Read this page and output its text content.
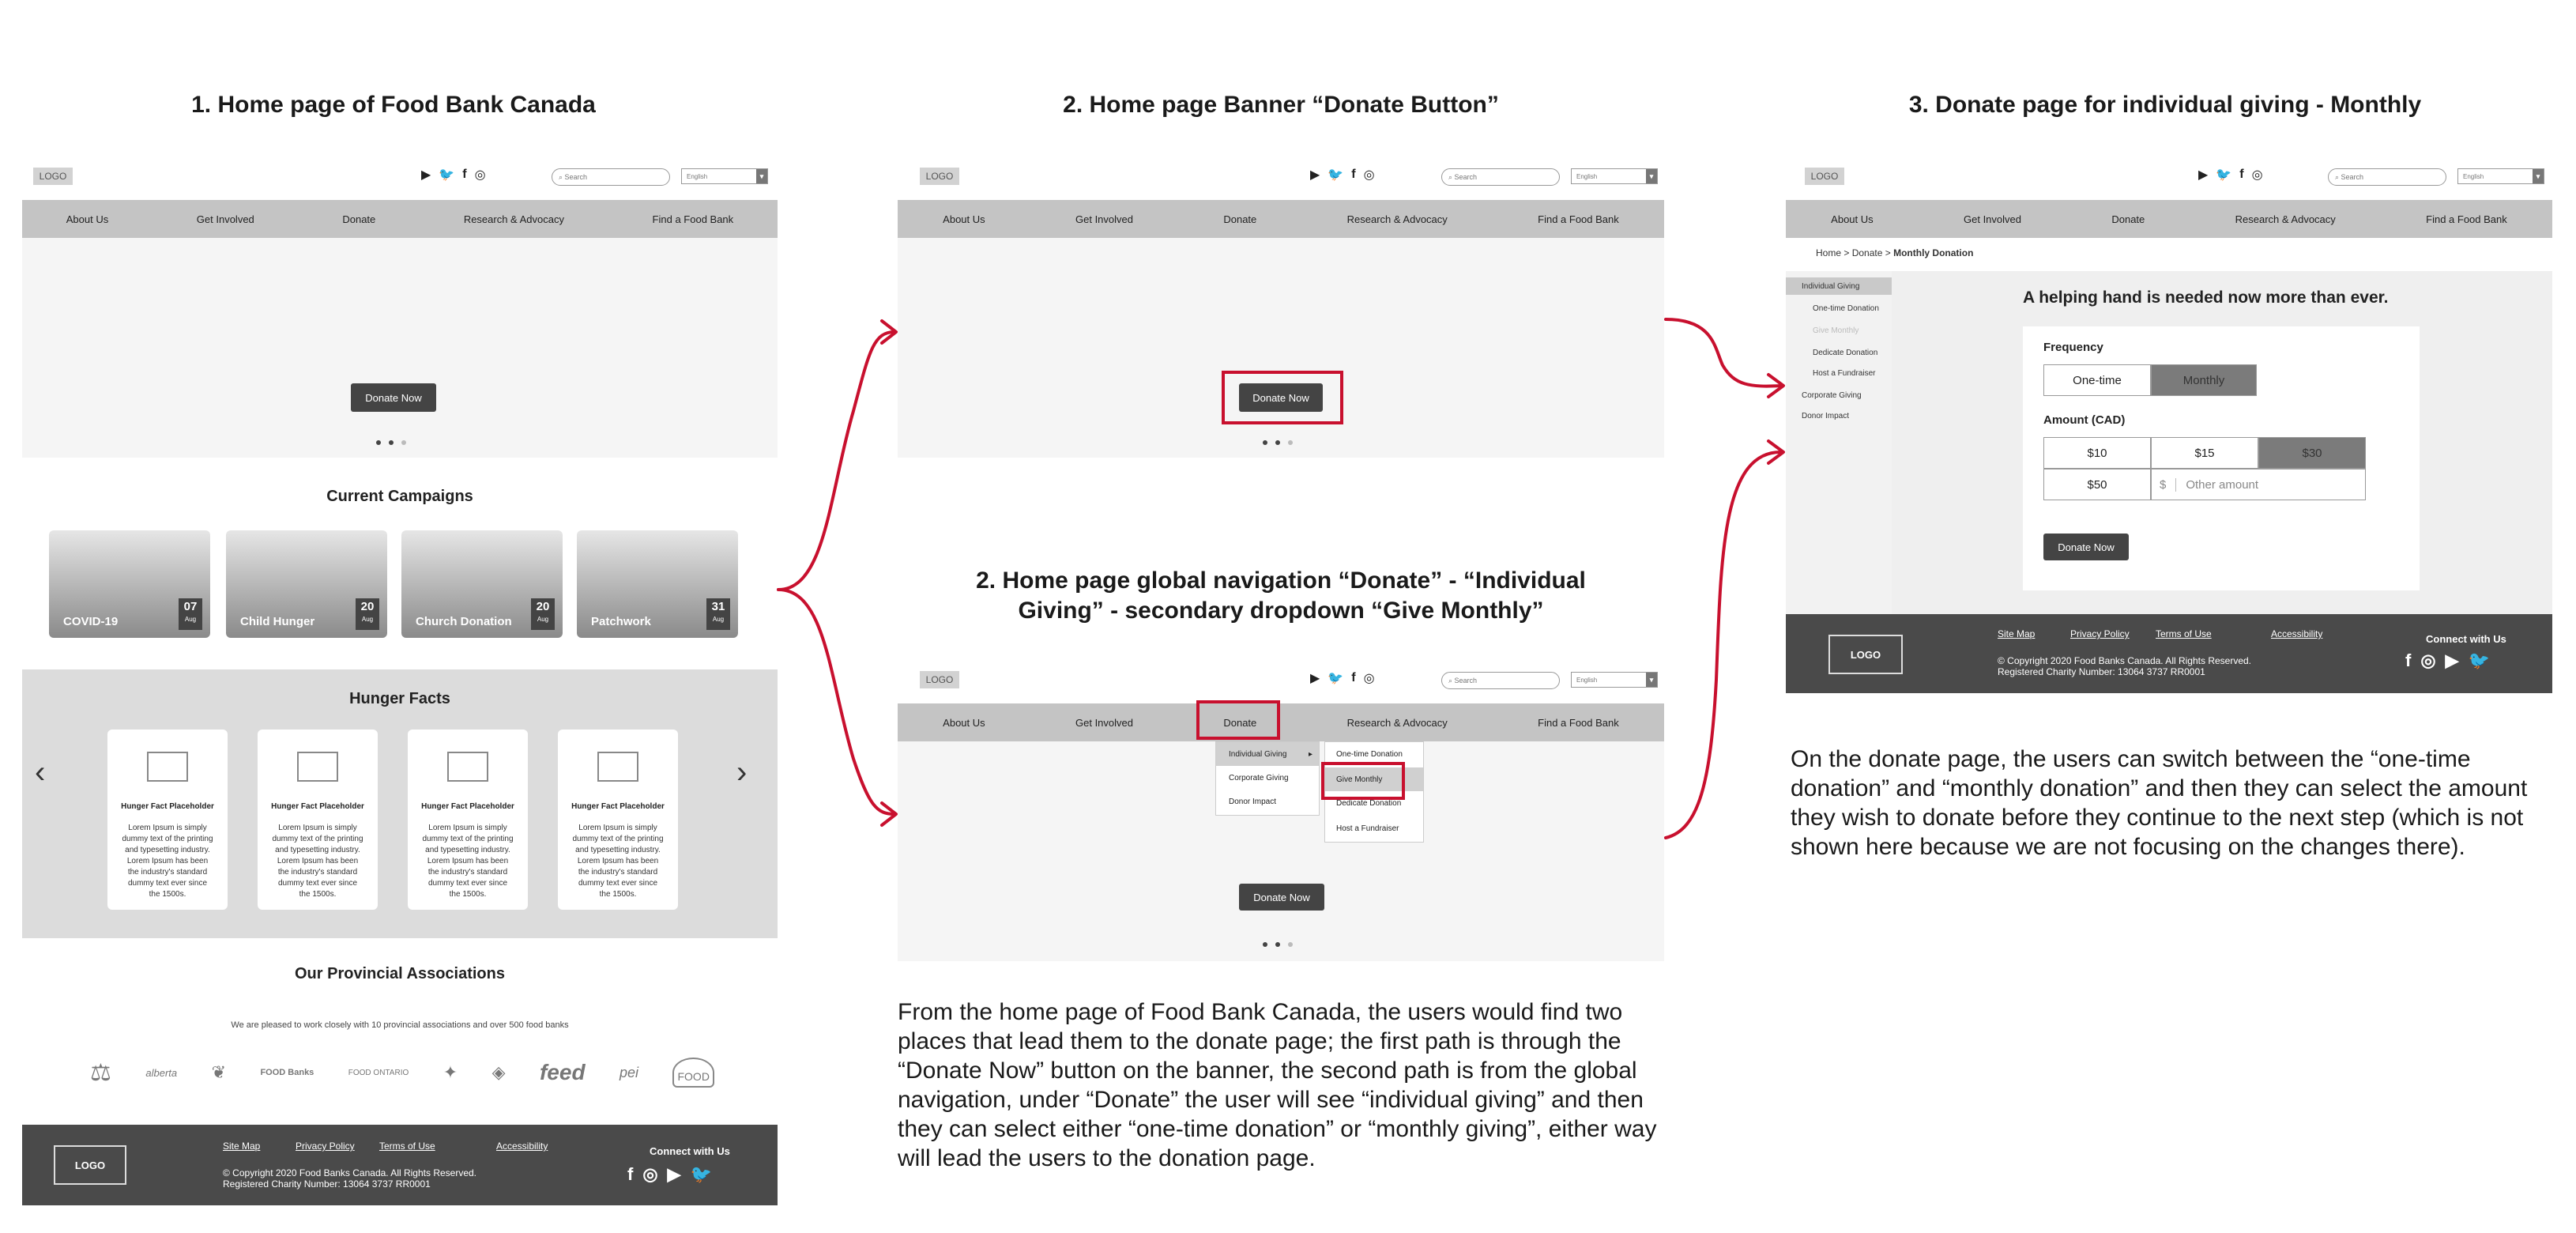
1. Home page of Food Bank Canada	2. Home page Banner “Donate Button”	3. Donate page for individual giving - Monthly
2. Home page global navigation “Donate” - “Individual
Giving” - secondary dropdown “Give Monthly”
LOGO	▶ 🐦 f ◎	⌕ Search	English	▾
About Us	Get Involved	Donate	Research & Advocacy	Find a Food Bank
Donate Now
Current Campaigns
COVID-19
07
Aug	Child Hunger
20
Aug	Church Donation
20
Aug	Patchwork
31
Aug
Hunger Facts
‹	›
Hunger Fact Placeholder
Lorem Ipsum is simply dummy text of the printing and typesetting industry. Lorem Ipsum has been the industry's standard dummy text ever since the 1500s.
Hunger Fact Placeholder
Lorem Ipsum is simply dummy text of the printing and typesetting industry. Lorem Ipsum has been the industry's standard dummy text ever since the 1500s.
Hunger Fact Placeholder
Lorem Ipsum is simply dummy text of the printing and typesetting industry. Lorem Ipsum has been the industry's standard dummy text ever since the 1500s.
Hunger Fact Placeholder
Lorem Ipsum is simply dummy text of the printing and typesetting industry. Lorem Ipsum has been the industry's standard dummy text ever since the 1500s.
Our Provincial Associations
We are pleased to work closely with 10 provincial associations and over 500 food banks
⚖	alberta ❦	FOOD Banks	FOOD ONTARIO ✦ ◈ feed pei	FOOD
LOGO
Site Map	Privacy Policy	Terms of Use	Accessibility
© Copyright 2020 Food Banks Canada. All Rights Reserved.
Registered Charity Number: 13064 3737 RR0001
Connect with Us
f ◎ ▶ 🐦
LOGO	▶ 🐦 f ◎	⌕ Search	English	▾
About Us	Get Involved	Donate	Research & Advocacy	Find a Food Bank
Donate Now
LOGO	▶ 🐦 f ◎	⌕ Search	English	▾
About Us	Get Involved	Donate	Research & Advocacy	Find a Food Bank
Individual Giving	▸
Corporate Giving
Donor Impact
One-time Donation
Give Monthly
Dedicate Donation
Host a Fundraiser
Donate Now
LOGO	▶ 🐦 f ◎	⌕ Search	English	▾
About Us	Get Involved	Donate	Research & Advocacy	Find a Food Bank
Home > Donate > Monthly Donation
Individual Giving
One-time Donation
Give Monthly
Dedicate Donation
Host a Fundraiser
Corporate Giving
Donor Impact
A helping hand is needed now more than ever.
Frequency
One-time	Monthly
Amount (CAD)
$10	$15	$30
$50	$	Other amount
Donate Now
LOGO
Site Map	Privacy Policy	Terms of Use	Accessibility
© Copyright 2020 Food Banks Canada. All Rights Reserved.
Registered Charity Number: 13064 3737 RR0001
Connect with Us
f ◎ ▶ 🐦
From the home page of Food Bank Canada, the users would find two places that lead them to the donate page; the first path is through the “Donate Now” button on the banner, the second path is from the global navigation, under “Donate” the user will see “individual giving” and then they can select either “one-time donation” or “monthly giving”, either way will lead the users to the donation page.
On the donate page, the users can switch between the “one-time donation” and “monthly donation” and then they can select the amount they wish to donate before they continue to the next step (which is not shown here because we are not focusing on the changes there).
